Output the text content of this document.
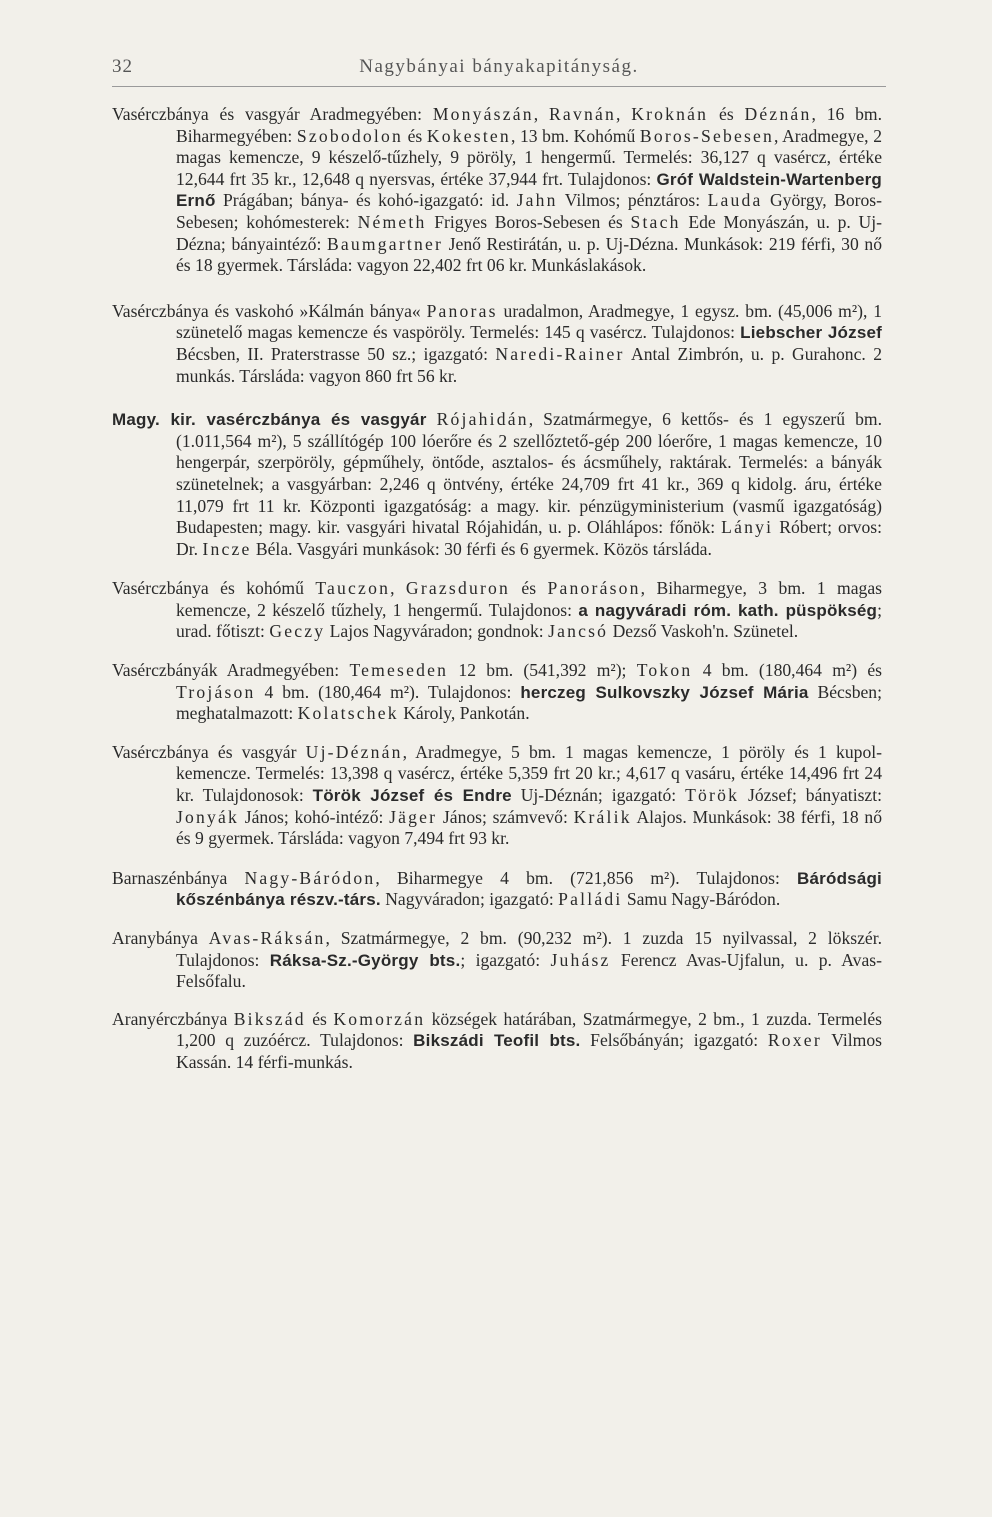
32	Nagybányai bányakapitányság.

Vasérczbánya és vasgyár Aradmegyében: Monyászán, Ravnán, Kroknán és Déznán, 16 bm. Biharmegyében: Szobodolon és Kokesten, 13 bm. Kohómű Boros-Sebesen, Aradmegye, 2 magas kemencze, 9 készelő-tűzhely, 9 pöröly, 1 hengermű. Termelés: 36,127 q vasércz, értéke 12,644 frt 35 kr., 12,648 q nyersvas, értéke 37,944 frt. Tulajdonos: Gróf Waldstein-Wartenberg Ernő Prágában; bánya- és kohó-igazgató: id. Jahn Vilmos; pénztáros: Lauda György, Boros-Sebesen; kohómesterek: Németh Frigyes Boros-Sebesen és Stach Ede Monyászán, u. p. Uj-Dézna; bányaintéző: Baumgartner Jenő Restirátán, u. p. Uj-Dézna. Munkások: 219 férfi, 30 nő és 18 gyermek. Társláda: vagyon 22,402 frt 06 kr. Munkáslakások.

Vasérczbánya és vaskohó »Kálmán bánya« Panoras uradalmon, Aradmegye, 1 egysz. bm. (45,006 m²), 1 szünetelő magas kemencze és vaspöröly. Termelés: 145 q vasércz. Tulajdonos: Liebscher József Bécsben, II. Praterstrasse 50 sz.; igazgató: Naredi-Rainer Antal Zimbrón, u. p. Gurahonc. 2 munkás. Társláda: vagyon 860 frt 56 kr.

Magy. kir. vasérczbánya és vasgyár Rójahidán, Szatmármegye, 6 kettős- és 1 egyszerű bm. (1.011,564 m²), 5 szállítógép 100 lóerőre és 2 szellőztető-gép 200 lóerőre, 1 magas kemencze, 10 hengerpár, szerpöröly, gépműhely, öntőde, asztalos- és ácsműhely, raktárak. Termelés: a bányák szünetelnek; a vasgyárban: 2,246 q öntvény, értéke 24,709 frt 41 kr., 369 q kidolg. áru, értéke 11,079 frt 11 kr. Központi igazgatóság: a magy. kir. pénzügyministerium (vasmű igazgatóság) Budapesten; magy. kir. vasgyári hivatal Rójahidán, u. p. Oláhlápos: főnök: Lányi Róbert; orvos: Dr. Incze Béla. Vasgyári munkások: 30 férfi és 6 gyermek. Közös társláda.

Vasérczbánya és kohómű Tauczon, Grazsduron és Panoráson, Biharmegye, 3 bm. 1 magas kemencze, 2 készelő tűzhely, 1 hengermű. Tulajdonos: a nagyváradi róm. kath. püspökség; urad. főtiszt: Geczy Lajos Nagyváradon; gondnok: Jancsó Dezső Vaskoh'n. Szünetel.

Vasérczbányák Aradmegyében: Temeseden 12 bm. (541,392 m²); Tokon 4 bm. (180,464 m²) és Trojáson 4 bm. (180,464 m²). Tulajdonos: herczeg Sulkovszky József Mária Bécsben; meghatalmazott: Kolatschek Károly, Pankotán.

Vasérczbánya és vasgyár Uj-Déznán, Aradmegye, 5 bm. 1 magas kemencze, 1 pöröly és 1 kupol-kemencze. Termelés: 13,398 q vasércz, értéke 5,359 frt 20 kr.; 4,617 q vasáru, értéke 14,496 frt 24 kr. Tulajdonosok: Török József és Endre Uj-Déznán; igazgató: Török József; bányatiszt: Jonyák János; kohó-intéző: Jäger János; számvevő: Králik Alajos. Munkások: 38 férfi, 18 nő és 9 gyermek. Társláda: vagyon 7,494 frt 93 kr.

Barnaszénbánya Nagy-Báródon, Biharmegye 4 bm. (721,856 m²). Tulajdonos: Báródsági kőszénbánya részv.-társ. Nagyváradon; igazgató: Palládi Samu Nagy-Báródon.

Aranybánya Avas-Ráksán, Szatmármegye, 2 bm. (90,232 m²). 1 zuzda 15 nyilvassal, 2 lökszér. Tulajdonos: Ráksa-Sz.-György bts.; igazgató: Juhász Ferencz Avas-Ujfalun, u. p. Avas-Felsőfalu.

Aranyérczbánya Bikszád és Komorzán községek határában, Szatmármegye, 2 bm., 1 zuzda. Termelés 1,200 q zuzóércz. Tulajdonos: Bikszádi Teofil bts. Felsőbányán; igazgató: Roxer Vilmos Kassán. 14 férfi-munkás.
